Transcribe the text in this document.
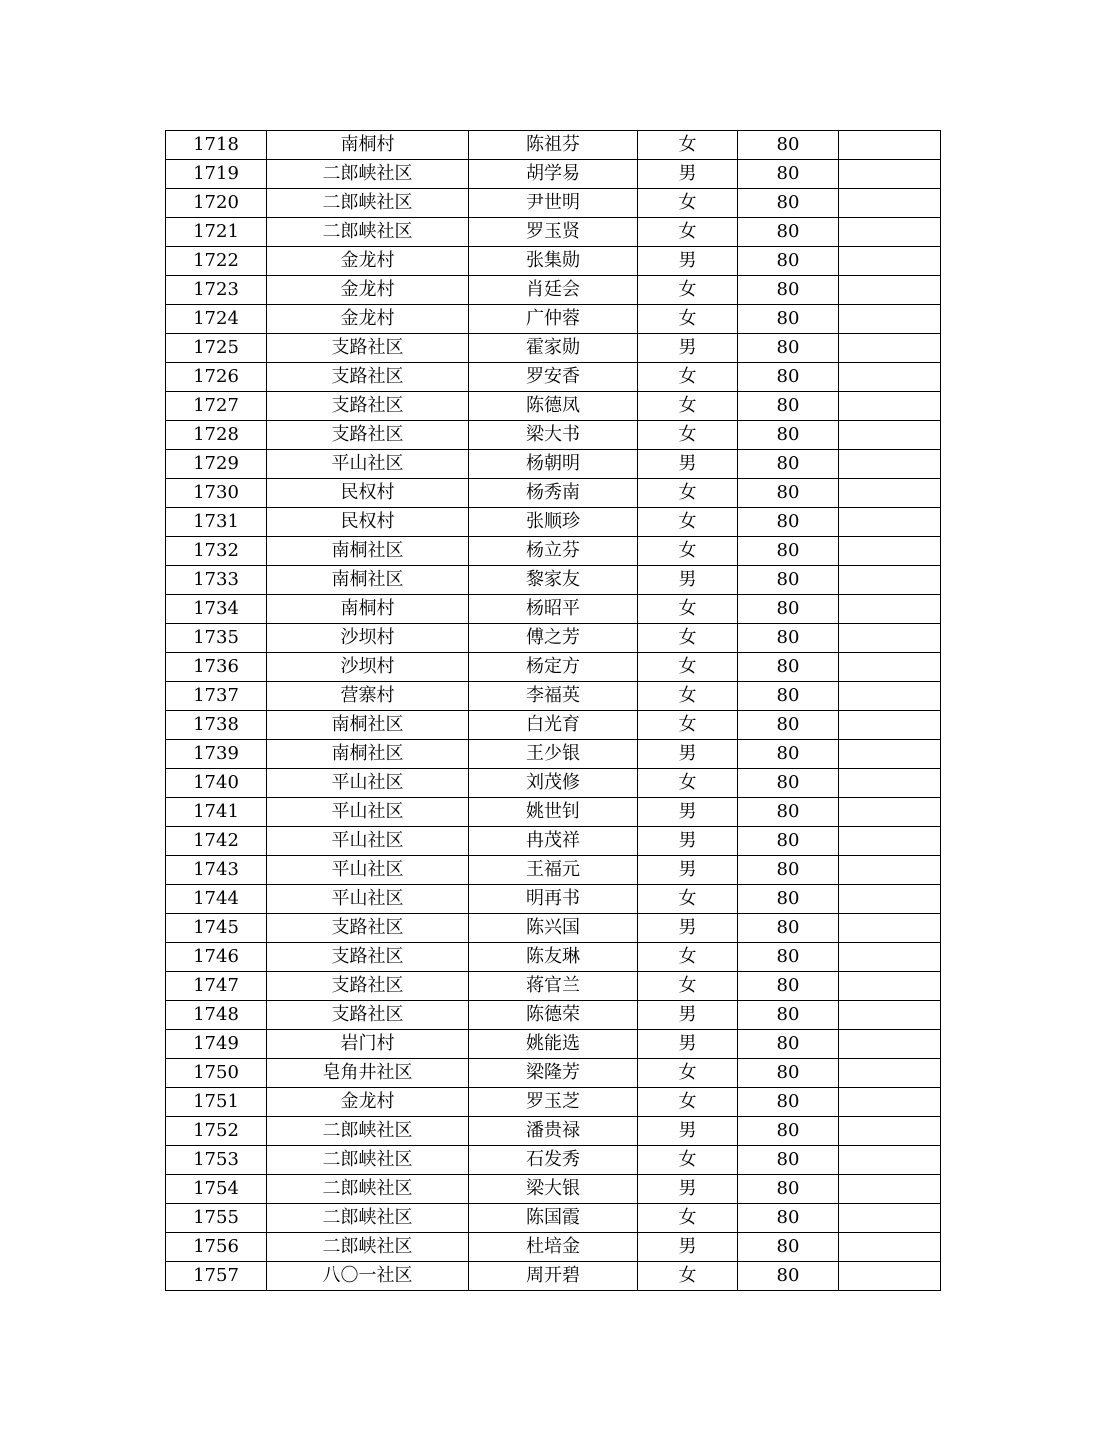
1718	南桐村	陈祖芬	女	80	
1719	二郎峡社区	胡学易	男	80	
1720	二郎峡社区	尹世明	女	80	
1721	二郎峡社区	罗玉贤	女	80	
1722	金龙村	张集勋	男	80	
1723	金龙村	肖廷会	女	80	
1724	金龙村	广仲蓉	女	80	
1725	支路社区	霍家勋	男	80	
1726	支路社区	罗安香	女	80	
1727	支路社区	陈德凤	女	80	
1728	支路社区	梁大书	女	80	
1729	平山社区	杨朝明	男	80	
1730	民权村	杨秀南	女	80	
1731	民权村	张顺珍	女	80	
1732	南桐社区	杨立芬	女	80	
1733	南桐社区	黎家友	男	80	
1734	南桐村	杨昭平	女	80	
1735	沙坝村	傅之芳	女	80	
1736	沙坝村	杨定方	女	80	
1737	营寨村	李福英	女	80	
1738	南桐社区	白光育	女	80	
1739	南桐社区	王少银	男	80	
1740	平山社区	刘茂修	女	80	
1741	平山社区	姚世钊	男	80	
1742	平山社区	冉茂祥	男	80	
1743	平山社区	王福元	男	80	
1744	平山社区	明再书	女	80	
1745	支路社区	陈兴国	男	80	
1746	支路社区	陈友琳	女	80	
1747	支路社区	蒋官兰	女	80	
1748	支路社区	陈德荣	男	80	
1749	岩门村	姚能选	男	80	
1750	皂角井社区	梁隆芳	女	80	
1751	金龙村	罗玉芝	女	80	
1752	二郎峡社区	潘贵禄	男	80	
1753	二郎峡社区	石发秀	女	80	
1754	二郎峡社区	梁大银	男	80	
1755	二郎峡社区	陈国霞	女	80	
1756	二郎峡社区	杜培金	男	80	
1757	八〇一社区	周开碧	女	80	
